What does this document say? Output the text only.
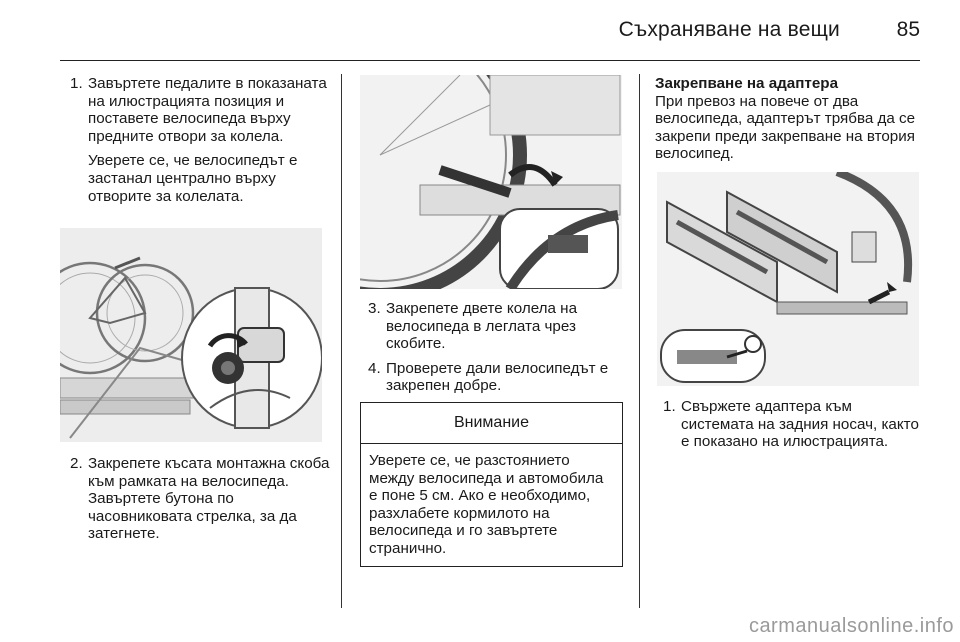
Съхраняване на вещи	85
1. Завъртете педалите в показаната на илюстрацията позиция и поставете велосипеда върху предните отвори за колела.

Уверете се, че велосипедът е застанал централно върху отворите за колелата.

2. Закрепете късата монтажна скоба към рамката на велосипеда. Завъртете бутона по часовниковата стрелка, за да затегнете.

3. Закрепете двете колела на велосипеда в леглата чрез скобите.

4. Проверете дали велосипедът е закрепен добре.

Внимание
Уверете се, че разстоянието между велосипеда и автомобила е поне 5 см. Ако е необходимо, разхлабете кормилото на велосипеда и го завъртете странично.
Закрепване на адаптера
При превоз на повече от два велосипеда, адаптерът трябва да се закрепи преди закрепване на втория велосипед.
1. Свържете адаптера към системата на задния носач, както е показано на илюстрацията.

carmanualsonline.info
